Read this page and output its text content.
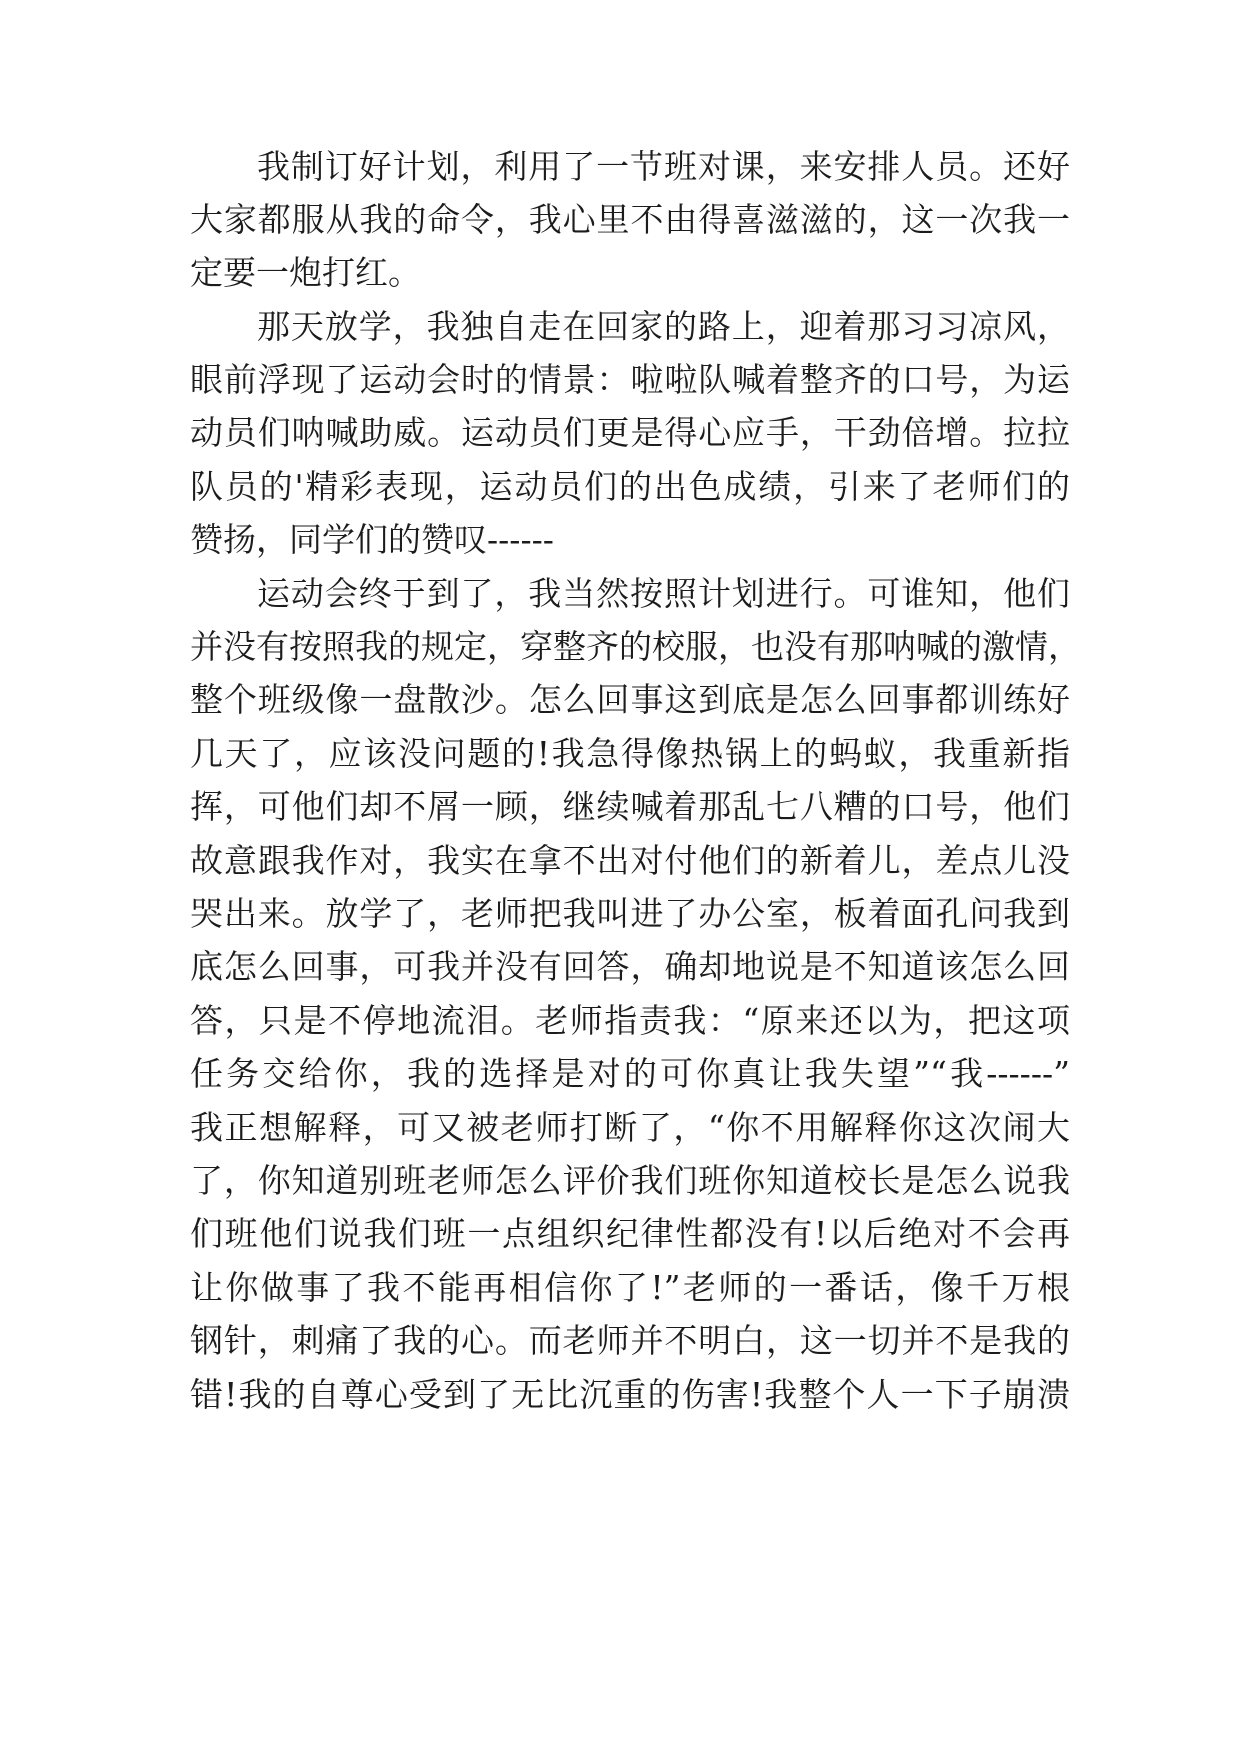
我制订好计划，利用了一节班对课，来安排人员。还好
大家都服从我的命令，我心里不由得喜滋滋的，这一次我一
定要一炮打红。
那天放学，我独自走在回家的路上，迎着那习习凉风，
眼前浮现了运动会时的情景：啦啦队喊着整齐的口号，为运
动员们呐喊助威。运动员们更是得心应手，干劲倍增。拉拉
队员的'精彩表现，运动员们的出色成绩，引来了老师们的
赞扬，同学们的赞叹------
运动会终于到了，我当然按照计划进行。可谁知，他们
并没有按照我的规定，穿整齐的校服，也没有那呐喊的激情，
整个班级像一盘散沙。怎么回事这到底是怎么回事都训练好
几天了，应该没问题的!我急得像热锅上的蚂蚁，我重新指
挥，可他们却不屑一顾，继续喊着那乱七八糟的口号，他们
故意跟我作对，我实在拿不出对付他们的新着儿，差点儿没
哭出来。放学了，老师把我叫进了办公室，板着面孔问我到
底怎么回事，可我并没有回答，确却地说是不知道该怎么回
答，只是不停地流泪。老师指责我：“原来还以为，把这项
任务交给你，我的选择是对的可你真让我失望”“我------”
我正想解释，可又被老师打断了，“你不用解释你这次闹大
了，你知道别班老师怎么评价我们班你知道校长是怎么说我
们班他们说我们班一点组织纪律性都没有!以后绝对不会再
让你做事了我不能再相信你了!”老师的一番话，像千万根
钢针，刺痛了我的心。而老师并不明白，这一切并不是我的
错!我的自尊心受到了无比沉重的伤害!我整个人一下子崩溃
